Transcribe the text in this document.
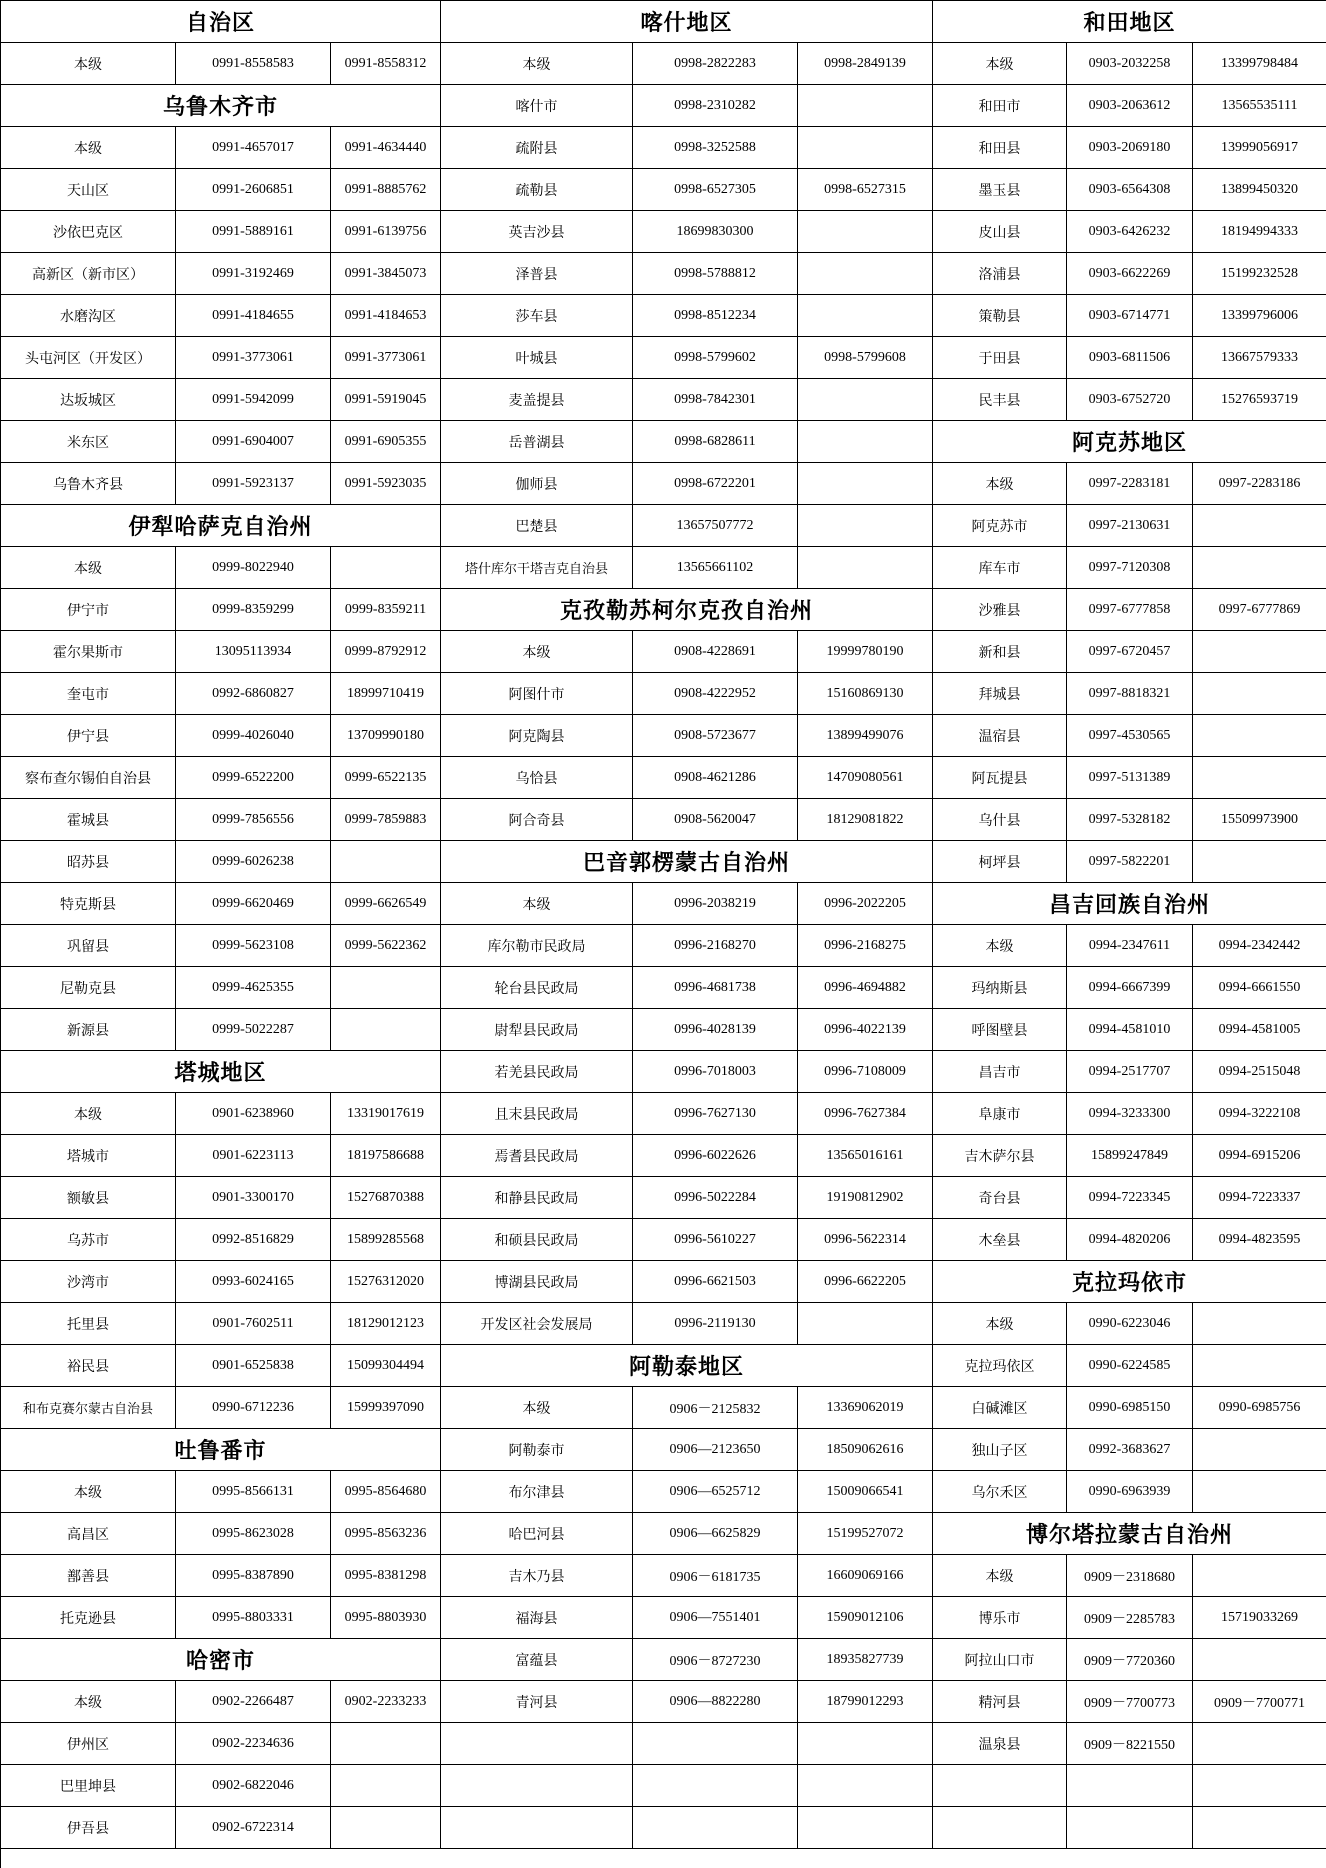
自治区
本级	0991-8558583	0991-8558312
乌鲁木齐市
本级	0991-4657017	0991-4634440
天山区	0991-2606851	0991-8885762
沙依巴克区	0991-5889161	0991-6139756
高新区（新市区）	0991-3192469	0991-3845073
水磨沟区	0991-4184655	0991-4184653
头屯河区（开发区）	0991-3773061	0991-3773061
达坂城区	0991-5942099	0991-5919045
米东区	0991-6904007	0991-6905355
乌鲁木齐县	0991-5923137	0991-5923035
伊犁哈萨克自治州
本级	0999-8022940
伊宁市	0999-8359299	0999-8359211
霍尔果斯市	13095113934	0999-8792912
奎屯市	0992-6860827	18999710419
伊宁县	0999-4026040	13709990180
察布查尔锡伯自治县	0999-6522200	0999-6522135
霍城县	0999-7856556	0999-7859883
昭苏县	0999-6026238
特克斯县	0999-6620469	0999-6626549
巩留县	0999-5623108	0999-5622362
尼勒克县	0999-4625355
新源县	0999-5022287
塔城地区
本级	0901-6238960	13319017619
塔城市	0901-6223113	18197586688
额敏县	0901-3300170	15276870388
乌苏市	0992-8516829	15899285568
沙湾市	0993-6024165	15276312020
托里县	0901-7602511	18129012123
裕民县	0901-6525838	15099304494
和布克赛尔蒙古自治县	0990-6712236	15999397090
吐鲁番市
本级	0995-8566131	0995-8564680
高昌区	0995-8623028	0995-8563236
鄯善县	0995-8387890	0995-8381298
托克逊县	0995-8803331	0995-8803930
哈密市
本级	0902-2266487	0902-2233233
伊州区	0902-2234636
巴里坤县	0902-6822046
伊吾县	0902-6722314
喀什地区
本级	0998-2822283	0998-2849139
喀什市	0998-2310282
疏附县	0998-3252588
疏勒县	0998-6527305	0998-6527315
英吉沙县	18699830300
泽普县	0998-5788812
莎车县	0998-8512234
叶城县	0998-5799602	0998-5799608
麦盖提县	0998-7842301
岳普湖县	0998-6828611
伽师县	0998-6722201
巴楚县	13657507772
塔什库尔干塔吉克自治县	13565661102
克孜勒苏柯尔克孜自治州
本级	0908-4228691	19999780190
阿图什市	0908-4222952	15160869130
阿克陶县	0908-5723677	13899499076
乌恰县	0908-4621286	14709080561
阿合奇县	0908-5620047	18129081822
巴音郭楞蒙古自治州
本级	0996-2038219	0996-2022205
库尔勒市民政局	0996-2168270	0996-2168275
轮台县民政局	0996-4681738	0996-4694882
尉犁县民政局	0996-4028139	0996-4022139
若羌县民政局	0996-7018003	0996-7108009
且末县民政局	0996-7627130	0996-7627384
焉耆县民政局	0996-6022626	13565016161
和静县民政局	0996-5022284	19190812902
和硕县民政局	0996-5610227	0996-5622314
博湖县民政局	0996-6621503	0996-6622205
开发区社会发展局	0996-2119130
阿勒泰地区
本级	0906－2125832	13369062019
阿勒泰市	0906—2123650	18509062616
布尔津县	0906—6525712	15009066541
哈巴河县	0906—6625829	15199527072
吉木乃县	0906－6181735	16609069166
福海县	0906—7551401	15909012106
富蕴县	0906－8727230	18935827739
青河县	0906—8822280	18799012293
和田地区
本级	0903-2032258	13399798484
和田市	0903-2063612	13565535111
和田县	0903-2069180	13999056917
墨玉县	0903-6564308	13899450320
皮山县	0903-6426232	18194994333
洛浦县	0903-6622269	15199232528
策勒县	0903-6714771	13399796006
于田县	0903-6811506	13667579333
民丰县	0903-6752720	15276593719
阿克苏地区
本级	0997-2283181	0997-2283186
阿克苏市	0997-2130631
库车市	0997-7120308
沙雅县	0997-6777858	0997-6777869
新和县	0997-6720457
拜城县	0997-8818321
温宿县	0997-4530565
阿瓦提县	0997-5131389
乌什县	0997-5328182	15509973900
柯坪县	0997-5822201
昌吉回族自治州
本级	0994-2347611	0994-2342442
玛纳斯县	0994-6667399	0994-6661550
呼图壁县	0994-4581010	0994-4581005
昌吉市	0994-2517707	0994-2515048
阜康市	0994-3233300	0994-3222108
吉木萨尔县	15899247849	0994-6915206
奇台县	0994-7223345	0994-7223337
木垒县	0994-4820206	0994-4823595
克拉玛依市
本级	0990-6223046
克拉玛依区	0990-6224585
白碱滩区	0990-6985150	0990-6985756
独山子区	0992-3683627
乌尔禾区	0990-6963939
博尔塔拉蒙古自治州
本级	0909－2318680
博乐市	0909－2285783	15719033269
阿拉山口市	0909－7720360
精河县	0909－7700773	0909－7700771
温泉县	0909－8221550
